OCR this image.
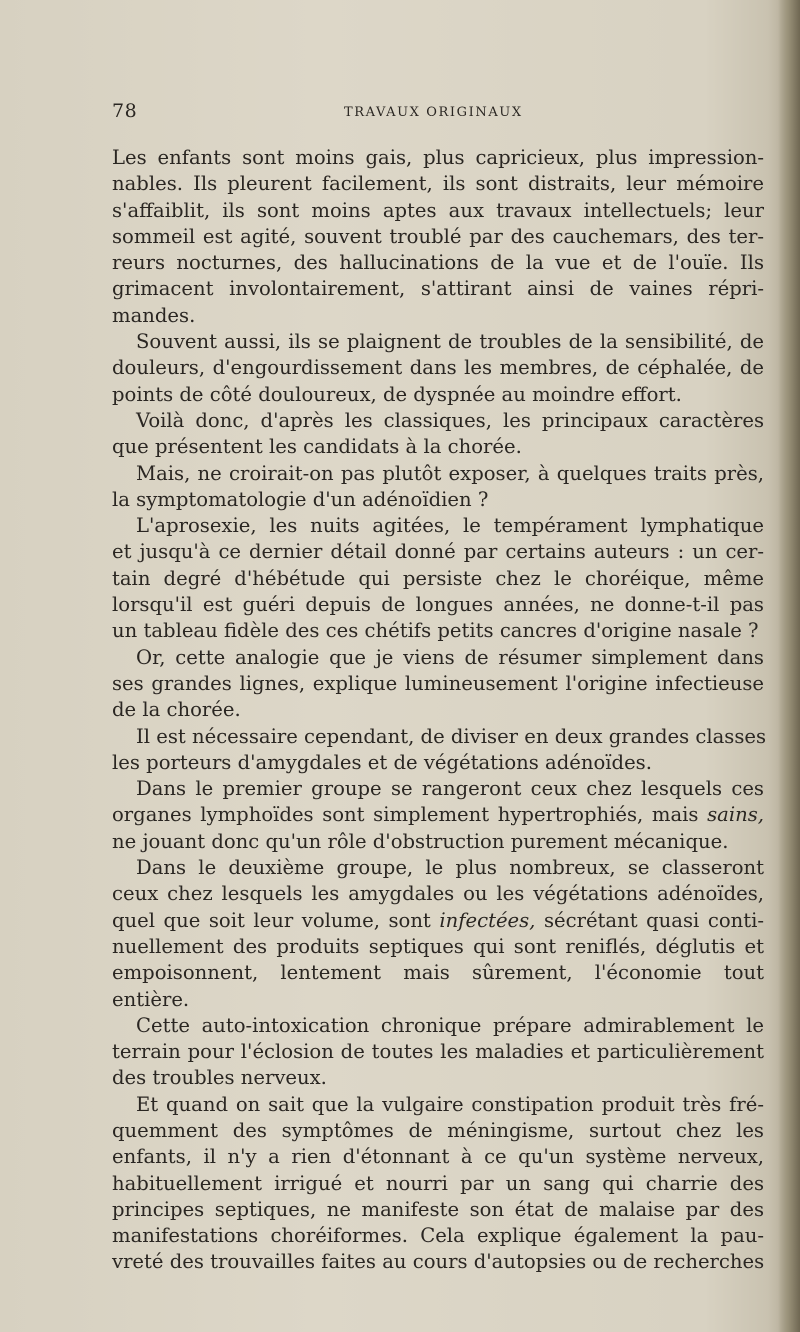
78	TRAVAUX ORIGINAUX
Les enfants sont moins gais, plus capricieux, plus impression-
nables. Ils pleurent facilement, ils sont distraits, leur mémoire
s'affaiblit, ils sont moins aptes aux travaux intellectuels; leur
sommeil est agité, souvent troublé par des cauchemars, des ter-
reurs nocturnes, des hallucinations de la vue et de l'ouïe. Ils
grimacent involontairement, s'attirant ainsi de vaines répri-
mandes.
Souvent aussi, ils se plaignent de troubles de la sensibilité, de
douleurs, d'engourdissement dans les membres, de céphalée, de
points de côté douloureux, de dyspnée au moindre effort.
Voilà donc, d'après les classiques, les principaux caractères
que présentent les candidats à la chorée.
Mais, ne croirait-on pas plutôt exposer, à quelques traits près,
la symptomatologie d'un adénoïdien ?
L'aprosexie, les nuits agitées, le tempérament lymphatique
et jusqu'à ce dernier détail donné par certains auteurs : un cer-
tain degré d'hébétude qui persiste chez le choréique, même
lorsqu'il est guéri depuis de longues années, ne donne-t-il pas
un tableau fidèle des ces chétifs petits cancres d'origine nasale ?
Or, cette analogie que je viens de résumer simplement dans
ses grandes lignes, explique lumineusement l'origine infectieuse
de la chorée.
Il est nécessaire cependant, de diviser en deux grandes classes
les porteurs d'amygdales et de végétations adénoïdes.
Dans le premier groupe se rangeront ceux chez lesquels ces
organes lymphoïdes sont simplement hypertrophiés, mais sains,
ne jouant donc qu'un rôle d'obstruction purement mécanique.
Dans le deuxième groupe, le plus nombreux, se classeront
ceux chez lesquels les amygdales ou les végétations adénoïdes,
quel que soit leur volume, sont infectées, sécrétant quasi conti-
nuellement des produits septiques qui sont reniflés, déglutis et
empoisonnent, lentement mais sûrement, l'économie tout
entière.
Cette auto-intoxication chronique prépare admirablement le
terrain pour l'éclosion de toutes les maladies et particulièrement
des troubles nerveux.
Et quand on sait que la vulgaire constipation produit très fré-
quemment des symptômes de méningisme, surtout chez les
enfants, il n'y a rien d'étonnant à ce qu'un système nerveux,
habituellement irrigué et nourri par un sang qui charrie des
principes septiques, ne manifeste son état de malaise par des
manifestations choréiformes. Cela explique également la pau-
vreté des trouvailles faites au cours d'autopsies ou de recherches
